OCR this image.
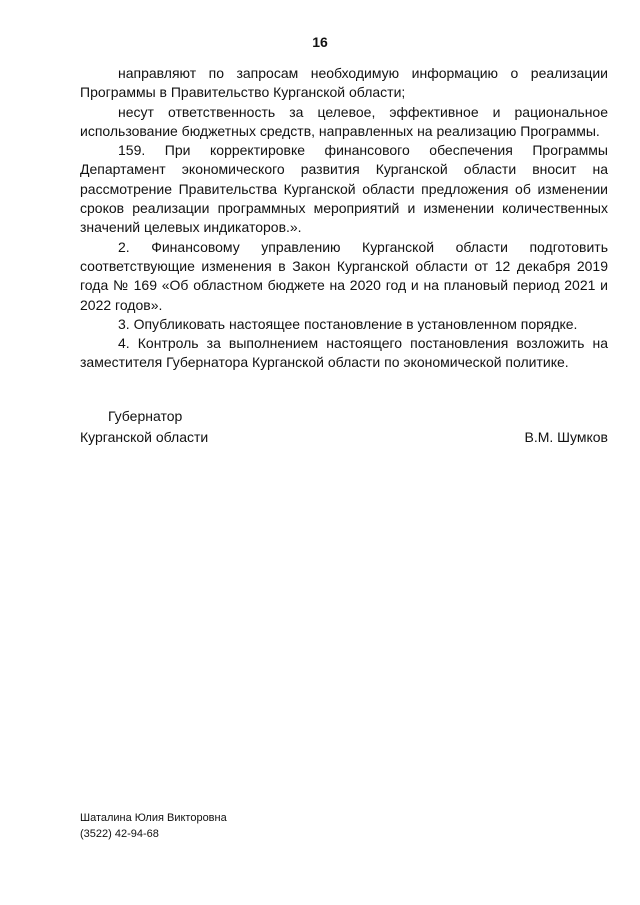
16

направляют по запросам необходимую информацию о реализации Программы в Правительство Курганской области;

несут ответственность за целевое, эффективное и рациональное использование бюджетных средств, направленных на реализацию Программы.

159. При корректировке финансового обеспечения Программы Департамент экономического развития Курганской области вносит на рассмотрение Правительства Курганской области предложения об изменении сроков реализации программных мероприятий и изменении количественных значений целевых индикаторов.».

2. Финансовому управлению Курганской области подготовить соответствующие изменения в Закон Курганской области от 12 декабря 2019 года № 169 «Об областном бюджете на 2020 год и на плановый период 2021 и 2022 годов».

3. Опубликовать настоящее постановление в установленном порядке.

4. Контроль за выполнением настоящего постановления возложить на заместителя Губернатора Курганской области по экономической политике.

Губернатор
Курганской области	В.М. Шумков
Шаталина Юлия Викторовна
(3522) 42-94-68
